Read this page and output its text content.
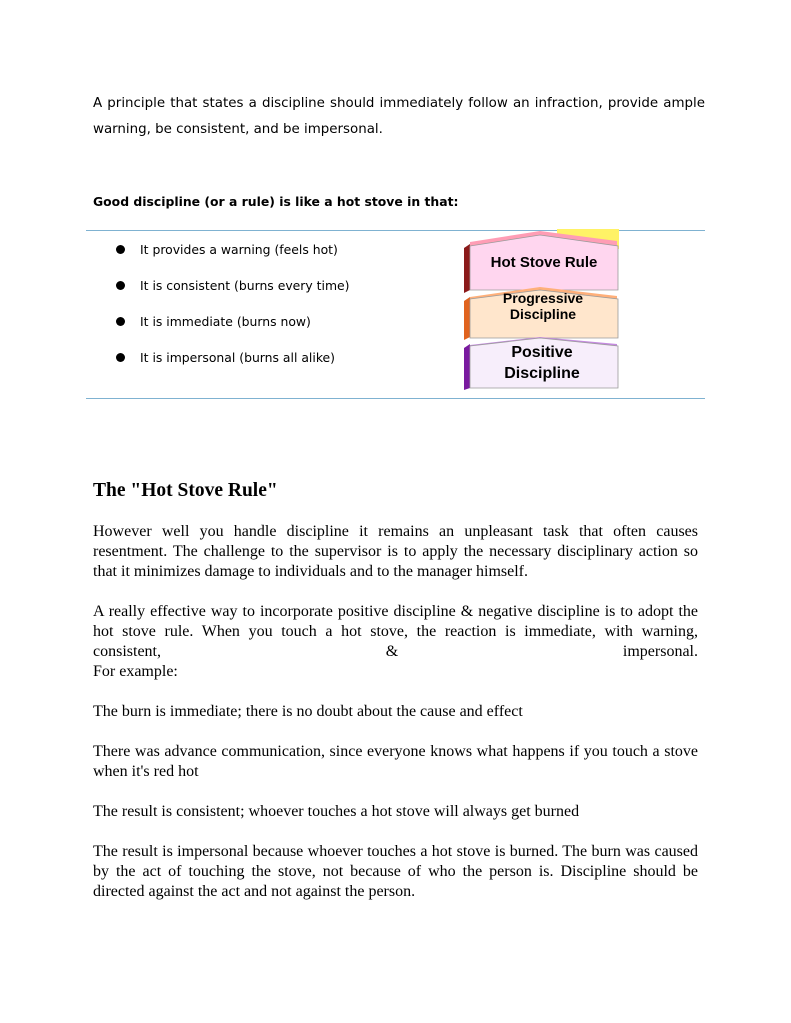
A principle that states a discipline should immediately follow an infraction, provide ample warning, be consistent, and be impersonal.

Good discipline (or a rule) is like a hot stove in that:

It provides a warning (feels hot)
It is consistent (burns every time)
It is immediate (burns now)
It is impersonal (burns all alike)
Hot Stove Rule
Progressive
Discipline
Positive
Discipline
The "Hot Stove Rule"

However well you handle discipline it remains an unpleasant task that often causes resentment. The challenge to the supervisor is to apply the necessary disciplinary action so that it minimizes damage to individuals and to the manager himself.

A really effective way to incorporate positive discipline & negative discipline is to adopt the hot stove rule. When you touch a hot stove, the reaction is immediate, with warning, consistent, & impersonal.
For example:

The burn is immediate; there is no doubt about the cause and effect

There was advance communication, since everyone knows what happens if you touch a stove when it's red hot

The result is consistent; whoever touches a hot stove will always get burned

The result is impersonal because whoever touches a hot stove is burned. The burn was caused by the act of touching the stove, not because of who the person is. Discipline should be directed against the act and not against the person.
